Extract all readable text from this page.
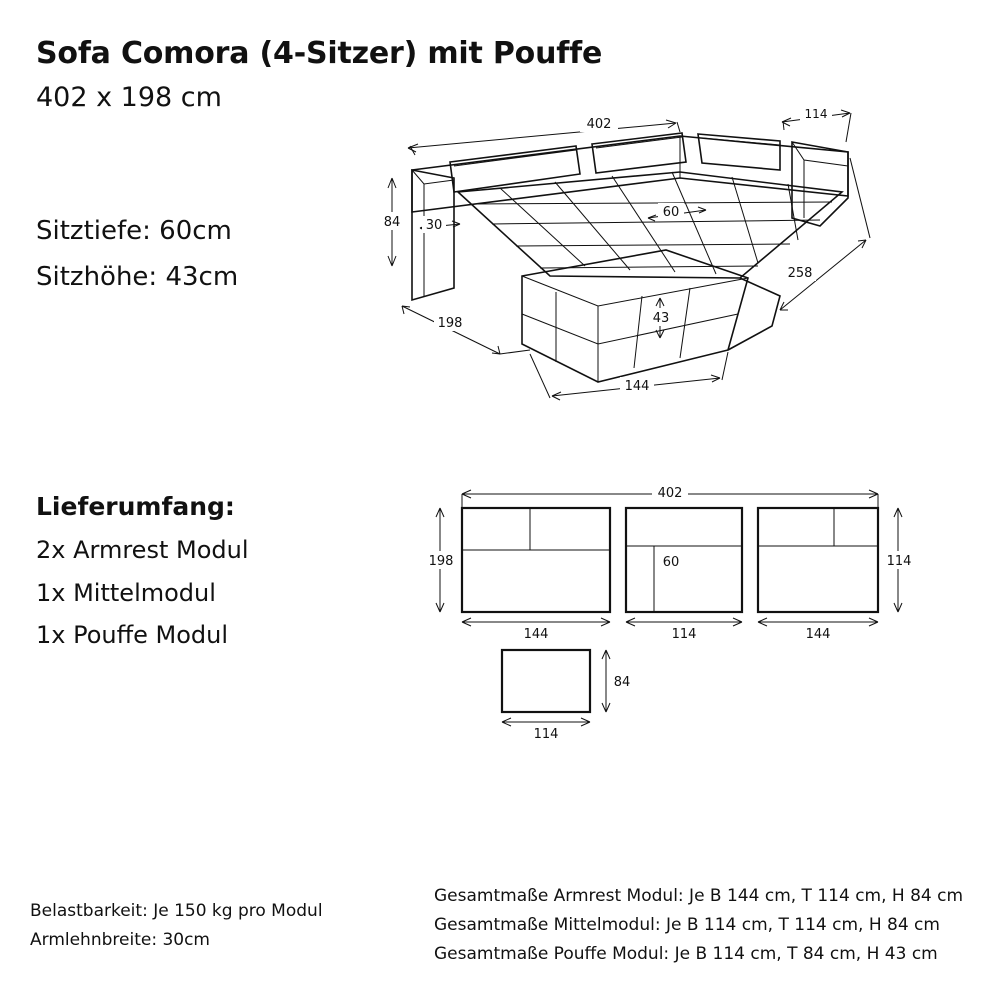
Sofa Comora (4-Sitzer) mit Pouffe
402 x 198 cm
Sitztiefe: 60cm
Sitzhöhe: 43cm
Lieferumfang:
2x Armrest Modul
1x Mittelmodul
1x Pouffe Modul
Belastbarkeit: Je 150 kg pro Modul
Armlehnbreite: 30cm
Gesamtmaße Armrest Modul: Je B 144 cm, T 114 cm, H 84 cm
Gesamtmaße Mittelmodul: Je B 114 cm, T 114 cm, H 84 cm
Gesamtmaße Pouffe Modul: Je B 114 cm, T 84 cm, H 43 cm
402
114
84 30
60
258
198	43
144
402
60
198	114
144	114	144
84
114
